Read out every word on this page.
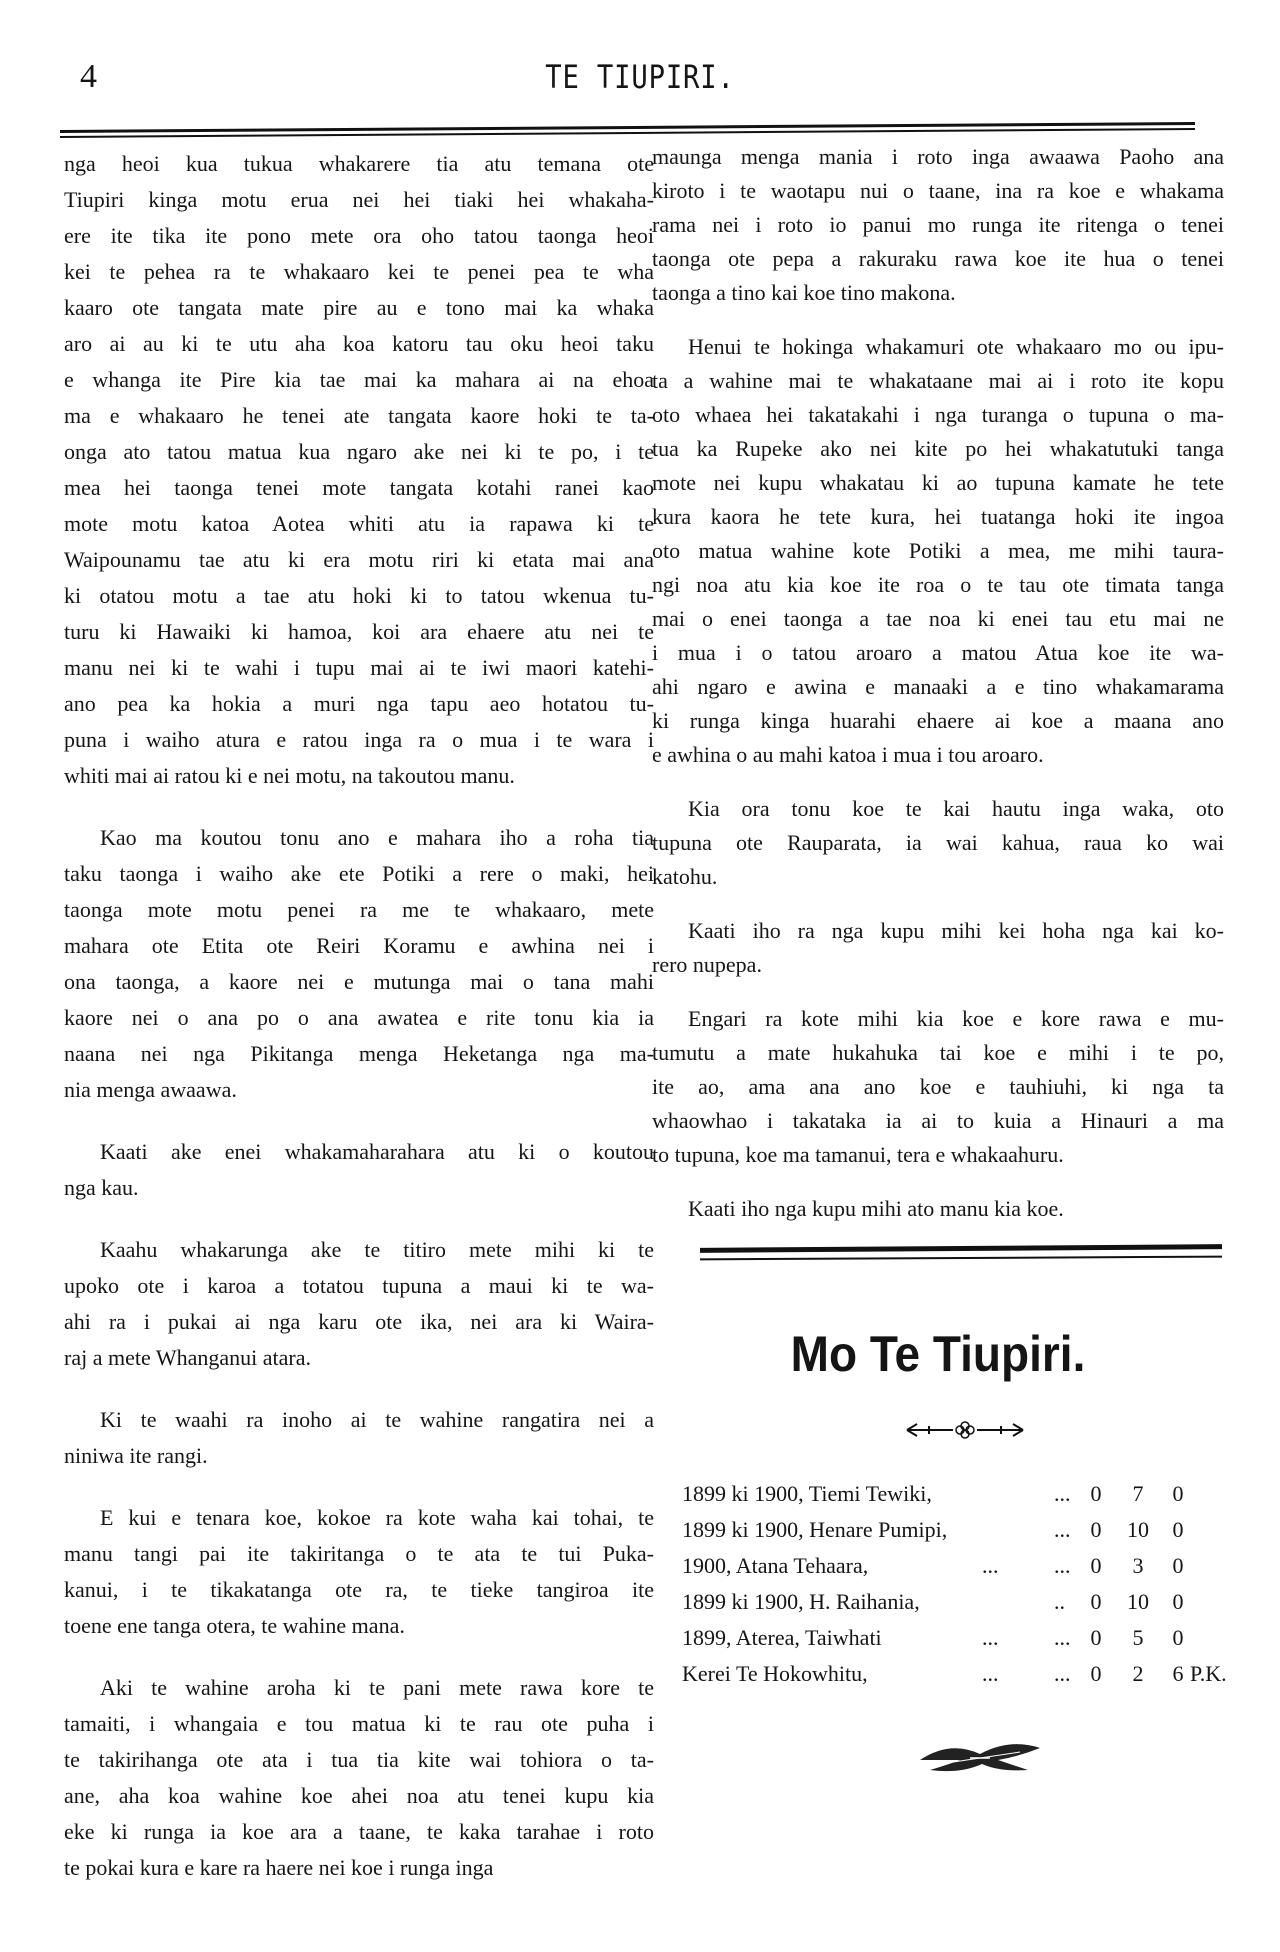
4	TE TIUPIRI.
nga heoi kua tukua whakarere tia atu temana ote
Tiupiri kinga motu erua nei hei tiaki hei whakaha-
ere ite tika ite pono mete ora oho tatou taonga heoi
kei te pehea ra te whakaaro kei te penei pea te wha
kaaro ote tangata mate pire au e tono mai ka whaka
aro ai au ki te utu aha koa katoru tau oku heoi taku
e whanga ite Pire kia tae mai ka mahara ai na ehoa
ma e whakaaro he tenei ate tangata kaore hoki te ta-
onga ato tatou matua kua ngaro ake nei ki te po, i te
mea hei taonga tenei mote tangata kotahi ranei kao
mote motu katoa Aotea whiti atu ia rapawa ki te
Waipounamu tae atu ki era motu riri ki etata mai ana
ki otatou motu a tae atu hoki ki to tatou wkenua tu-
turu ki Hawaiki ki hamoa, koi ara ehaere atu nei te
manu nei ki te wahi i tupu mai ai te iwi maori katehi-
ano pea ka hokia a muri nga tapu aeo hotatou tu-
puna i waiho atura e ratou inga ra o mua i te wara i
whiti mai ai ratou ki e nei motu, na takoutou manu.
Kao ma koutou tonu ano e mahara iho a roha tia
taku taonga i waiho ake ete Potiki a rere o maki, hei
taonga mote motu penei ra me te whakaaro, mete
mahara ote Etita ote Reiri Koramu e awhina nei i
ona taonga, a kaore nei e mutunga mai o tana mahi
kaore nei o ana po o ana awatea e rite tonu kia ia
naana nei nga Pikitanga menga Heketanga nga ma-
nia menga awaawa.
Kaati ake enei whakamaharahara atu ki o koutou
nga kau.
Kaahu whakarunga ake te titiro mete mihi ki te
upoko ote i karoa a totatou tupuna a maui ki te wa-
ahi ra i pukai ai nga karu ote ika, nei ara ki Waira-
raj a mete Whanganui atara.
Ki te waahi ra inoho ai te wahine rangatira nei a
niniwa ite rangi.
E kui e tenara koe, kokoe ra kote waha kai tohai, te
manu tangi pai ite takiritanga o te ata te tui Puka-
kanui, i te tikakatanga ote ra, te tieke tangiroa ite
toene ene tanga otera, te wahine mana.
Aki te wahine aroha ki te pani mete rawa kore te
tamaiti, i whangaia e tou matua ki te rau ote puha i
te takirihanga ote ata i tua tia kite wai tohiora o ta-
ane, aha koa wahine koe ahei noa atu tenei kupu kia
eke ki runga ia koe ara a taane, te kaka tarahae i roto
te pokai kura e kare ra haere nei koe i runga inga
maunga menga mania i roto inga awaawa Paoho ana
kiroto i te waotapu nui o taane, ina ra koe e whakama
rama nei i roto io panui mo runga ite ritenga o tenei
taonga ote pepa a rakuraku rawa koe ite hua o tenei
taonga a tino kai koe tino makona.
Henui te hokinga whakamuri ote whakaaro mo ou ipu-
ta a wahine mai te whakataane mai ai i roto ite kopu
oto whaea hei takatakahi i nga turanga o tupuna o ma-
tua ka Rupeke ako nei kite po hei whakatutuki tanga
mote nei kupu whakatau ki ao tupuna kamate he tete
kura kaora he tete kura, hei tuatanga hoki ite ingoa
oto matua wahine kote Potiki a mea, me mihi taura-
ngi noa atu kia koe ite roa o te tau ote timata tanga
mai o enei taonga a tae noa ki enei tau etu mai ne
i mua i o tatou aroaro a matou Atua koe ite wa-
ahi ngaro e awina e manaaki a e tino whakamarama
ki runga kinga huarahi ehaere ai koe a maana ano
e awhina o au mahi katoa i mua i tou aroaro.
Kia ora tonu koe te kai hautu inga waka, oto
tupuna ote Rauparata, ia wai kahua, raua ko wai
katohu.
Kaati iho ra nga kupu mihi kei hoha nga kai ko-
rero nupepa.
Engari ra kote mihi kia koe e kore rawa e mu-
tumutu a mate hukahuka tai koe e mihi i te po,
ite ao, ama ana ano koe e tauhiuhi, ki nga ta
whaowhao i takataka ia ai to kuia a Hinauri a ma
to tupuna, koe ma tamanui, tera e whakaahuru.
Kaati iho nga kupu mihi ato manu kia koe.
Mo Te Tiupiri.
1899 ki 1900, Tiemi Tewiki,	... 0	7	0
1899 ki 1900, Henare Pumipi,	... 0 10 0
1900, Atana Tehaara,	...	... 0	3	0
1899 ki 1900, H. Raihania,	.. 0 10 0
1899, Aterea, Taiwhati	...	... 0	5	0
Kerei Te Hokowhitu,	...	... 0	2	6 P.K.
